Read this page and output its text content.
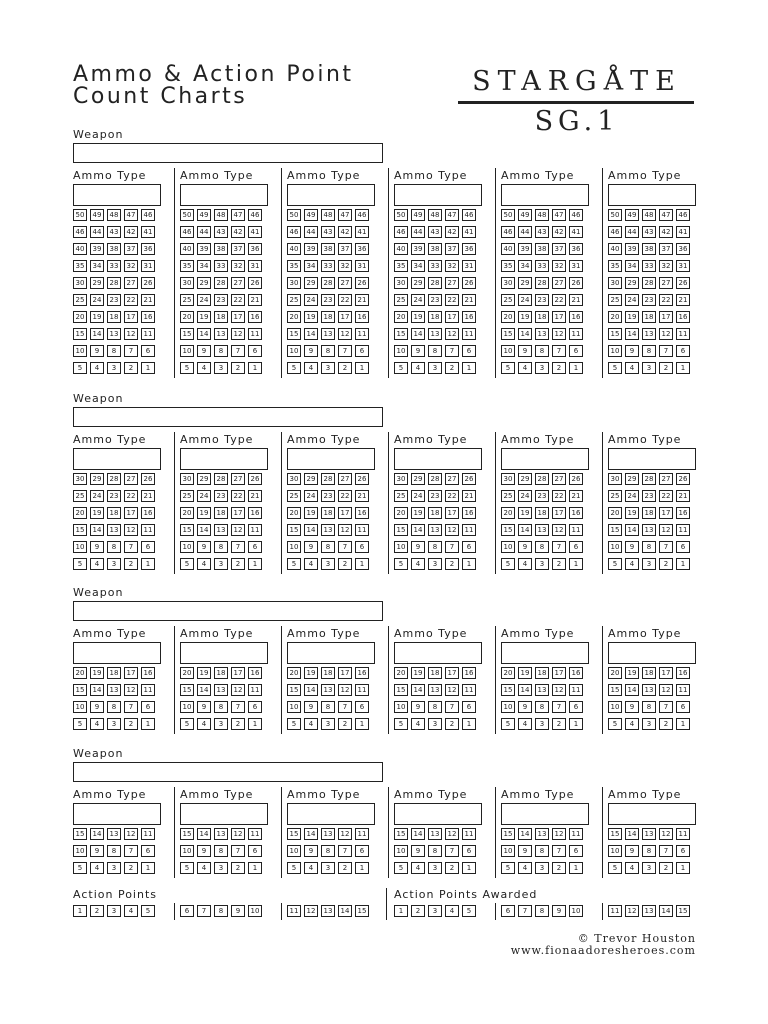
Ammo & Action Point
Count Charts	STARGÅTE
SG.1
Weapon
Ammo Type
50	49	48	47	46
46	44	43	42	41
40	39	38	37	36
35	34	33	32	31
30	29	28	27	26
25	24	23	22	21
20	19	18	17	16
15	14	13	12	11
10	9	8	7	6
5	4	3	2	1
Ammo Type
50	49	48	47	46
46	44	43	42	41
40	39	38	37	36
35	34	33	32	31
30	29	28	27	26
25	24	23	22	21
20	19	18	17	16
15	14	13	12	11
10	9	8	7	6
5	4	3	2	1
Ammo Type
50	49	48	47	46
46	44	43	42	41
40	39	38	37	36
35	34	33	32	31
30	29	28	27	26
25	24	23	22	21
20	19	18	17	16
15	14	13	12	11
10	9	8	7	6
5	4	3	2	1
Ammo Type
50	49	48	47	46
46	44	43	42	41
40	39	38	37	36
35	34	33	32	31
30	29	28	27	26
25	24	23	22	21
20	19	18	17	16
15	14	13	12	11
10	9	8	7	6
5	4	3	2	1
Ammo Type
50	49	48	47	46
46	44	43	42	41
40	39	38	37	36
35	34	33	32	31
30	29	28	27	26
25	24	23	22	21
20	19	18	17	16
15	14	13	12	11
10	9	8	7	6
5	4	3	2	1
Ammo Type
50	49	48	47	46
46	44	43	42	41
40	39	38	37	36
35	34	33	32	31
30	29	28	27	26
25	24	23	22	21
20	19	18	17	16
15	14	13	12	11
10	9	8	7	6
5	4	3	2	1
Weapon
Ammo Type
30	29	28	27	26
25	24	23	22	21
20	19	18	17	16
15	14	13	12	11
10	9	8	7	6
5	4	3	2	1
Ammo Type
30	29	28	27	26
25	24	23	22	21
20	19	18	17	16
15	14	13	12	11
10	9	8	7	6
5	4	3	2	1
Ammo Type
30	29	28	27	26
25	24	23	22	21
20	19	18	17	16
15	14	13	12	11
10	9	8	7	6
5	4	3	2	1
Ammo Type
30	29	28	27	26
25	24	23	22	21
20	19	18	17	16
15	14	13	12	11
10	9	8	7	6
5	4	3	2	1
Ammo Type
30	29	28	27	26
25	24	23	22	21
20	19	18	17	16
15	14	13	12	11
10	9	8	7	6
5	4	3	2	1
Ammo Type
30	29	28	27	26
25	24	23	22	21
20	19	18	17	16
15	14	13	12	11
10	9	8	7	6
5	4	3	2	1
Weapon
Ammo Type
20	19	18	17	16
15	14	13	12	11
10	9	8	7	6
5	4	3	2	1
Ammo Type
20	19	18	17	16
15	14	13	12	11
10	9	8	7	6
5	4	3	2	1
Ammo Type
20	19	18	17	16
15	14	13	12	11
10	9	8	7	6
5	4	3	2	1
Ammo Type
20	19	18	17	16
15	14	13	12	11
10	9	8	7	6
5	4	3	2	1
Ammo Type
20	19	18	17	16
15	14	13	12	11
10	9	8	7	6
5	4	3	2	1
Ammo Type
20	19	18	17	16
15	14	13	12	11
10	9	8	7	6
5	4	3	2	1
Weapon
Ammo Type
15	14	13	12	11
10	9	8	7	6
5	4	3	2	1
Ammo Type
15	14	13	12	11
10	9	8	7	6
5	4	3	2	1
Ammo Type
15	14	13	12	11
10	9	8	7	6
5	4	3	2	1
Ammo Type
15	14	13	12	11
10	9	8	7	6
5	4	3	2	1
Ammo Type
15	14	13	12	11
10	9	8	7	6
5	4	3	2	1
Ammo Type
15	14	13	12	11
10	9	8	7	6
5	4	3	2	1
Action Points
1	2	3	4	5	6	7	8	9	10	11	12	13	14	15
Action Points Awarded
1	2	3	4	5	6	7	8	9	10	11	12	13	14	15
© Trevor Houston
www.fionaadoresheroes.com
